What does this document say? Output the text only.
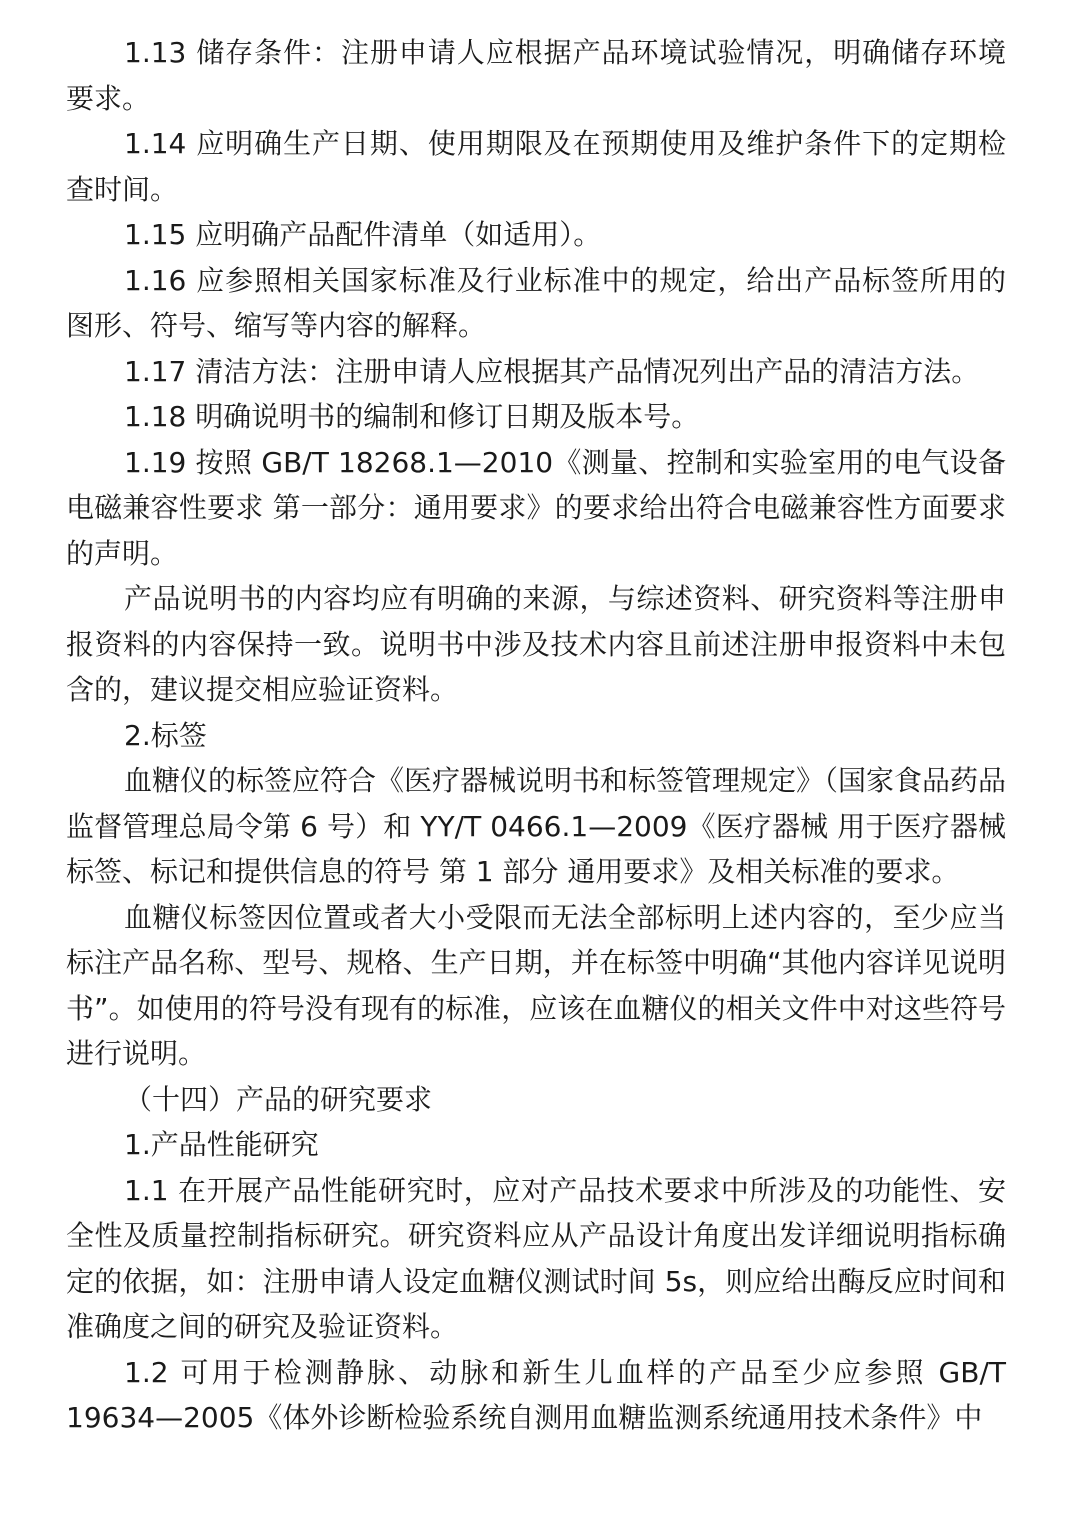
1.13 储存条件：注册申请人应根据产品环境试验情况，明确储存环境要求。

1.14 应明确生产日期、使用期限及在预期使用及维护条件下的定期检查时间。

1.15 应明确产品配件清单（如适用）。

1.16 应参照相关国家标准及行业标准中的规定，给出产品标签所用的图形、符号、缩写等内容的解释。

1.17 清洁方法：注册申请人应根据其产品情况列出产品的清洁方法。

1.18 明确说明书的编制和修订日期及版本号。

1.19 按照 GB/T 18268.1—2010《测量、控制和实验室用的电气设备电磁兼容性要求 第一部分：通用要求》的要求给出符合电磁兼容性方面要求的声明。

产品说明书的内容均应有明确的来源，与综述资料、研究资料等注册申报资料的内容保持一致。说明书中涉及技术内容且前述注册申报资料中未包含的，建议提交相应验证资料。

2.标签

血糖仪的标签应符合《医疗器械说明书和标签管理规定》（国家食品药品监督管理总局令第 6 号）和 YY/T 0466.1—2009《医疗器械 用于医疗器械标签、标记和提供信息的符号 第 1 部分 通用要求》及相关标准的要求。

血糖仪标签因位置或者大小受限而无法全部标明上述内容的，至少应当标注产品名称、型号、规格、生产日期，并在标签中明确“其他内容详见说明书”。如使用的符号没有现有的标准，应该在血糖仪的相关文件中对这些符号进行说明。

（十四）产品的研究要求

1.产品性能研究

1.1 在开展产品性能研究时，应对产品技术要求中所涉及的功能性、安全性及质量控制指标研究。研究资料应从产品设计角度出发详细说明指标确定的依据，如：注册申请人设定血糖仪测试时间 5s，则应给出酶反应时间和准确度之间的研究及验证资料。

1.2 可用于检测静脉、动脉和新生儿血样的产品至少应参照 GB/T 19634—2005《体外诊断检验系统自测用血糖监测系统通用技术条件》中
